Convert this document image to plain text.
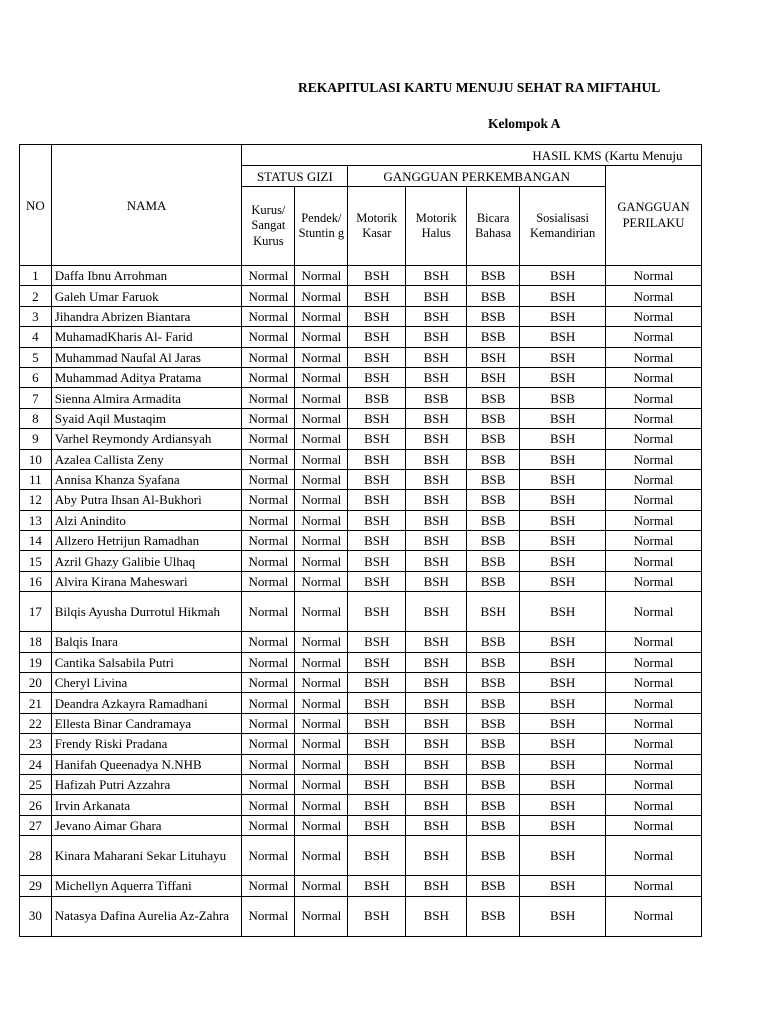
REKAPITULASI KARTU MENUJU SEHAT RA MIFTAHUL
Kelompok A
NO	NAMA	HASIL KMS (Kartu Menuju						
		STATUS GIZI		GANGGUAN PERKEMBANGAN				GANGGUAN PERILAKU
		Kurus/ Sangat Kurus	Pendek/ Stuntin g	Motorik Kasar	Motorik Halus	Bicara Bahasa	Sosialisasi Kemandirian	
1	Daffa Ibnu Arrohman	Normal	Normal	BSH	BSH	BSB	BSH	Normal
2	Galeh Umar Faruok	Normal	Normal	BSH	BSH	BSB	BSH	Normal
3	Jihandra Abrizen Biantara	Normal	Normal	BSH	BSH	BSB	BSH	Normal
4	MuhamadKharis Al- Farid	Normal	Normal	BSH	BSH	BSB	BSH	Normal
5	Muhammad Naufal Al Jaras	Normal	Normal	BSH	BSH	BSH	BSH	Normal
6	Muhammad Aditya Pratama	Normal	Normal	BSH	BSH	BSH	BSH	Normal
7	Sienna Almira Armadita	Normal	Normal	BSB	BSB	BSB	BSB	Normal
8	Syaid Aqil Mustaqim	Normal	Normal	BSH	BSH	BSB	BSH	Normal
9	Varhel Reymondy Ardiansyah	Normal	Normal	BSH	BSH	BSB	BSH	Normal
10	Azalea Callista Zeny	Normal	Normal	BSH	BSH	BSB	BSH	Normal
11	Annisa Khanza Syafana	Normal	Normal	BSH	BSH	BSB	BSH	Normal
12	Aby Putra Ihsan Al-Bukhori	Normal	Normal	BSH	BSH	BSB	BSH	Normal
13	Alzi Anindito	Normal	Normal	BSH	BSH	BSB	BSH	Normal
14	Allzero Hetrijun Ramadhan	Normal	Normal	BSH	BSH	BSB	BSH	Normal
15	Azril Ghazy Galibie Ulhaq	Normal	Normal	BSH	BSH	BSB	BSH	Normal
16	Alvira Kirana Maheswari	Normal	Normal	BSH	BSH	BSB	BSH	Normal
17	Bilqis Ayusha Durrotul Hikmah	Normal	Normal	BSH	BSH	BSH	BSH	Normal
18	Balqis Inara	Normal	Normal	BSH	BSH	BSB	BSH	Normal
19	Cantika Salsabila Putri	Normal	Normal	BSH	BSH	BSB	BSH	Normal
20	Cheryl Livina	Normal	Normal	BSH	BSH	BSB	BSH	Normal
21	Deandra Azkayra Ramadhani	Normal	Normal	BSH	BSH	BSB	BSH	Normal
22	Ellesta Binar Candramaya	Normal	Normal	BSH	BSH	BSB	BSH	Normal
23	Frendy Riski Pradana	Normal	Normal	BSH	BSH	BSB	BSH	Normal
24	Hanifah Queenadya N.NHB	Normal	Normal	BSH	BSH	BSB	BSH	Normal
25	Hafizah Putri Azzahra	Normal	Normal	BSH	BSH	BSB	BSH	Normal
26	Irvin Arkanata	Normal	Normal	BSH	BSH	BSB	BSH	Normal
27	Jevano Aimar Ghara	Normal	Normal	BSH	BSH	BSB	BSH	Normal
28	Kinara Maharani Sekar Lituhayu	Normal	Normal	BSH	BSH	BSB	BSH	Normal
29	Michellyn Aquerra Tiffani	Normal	Normal	BSH	BSH	BSB	BSH	Normal
30	Natasya Dafina Aurelia Az-Zahra	Normal	Normal	BSH	BSH	BSB	BSH	Normal
